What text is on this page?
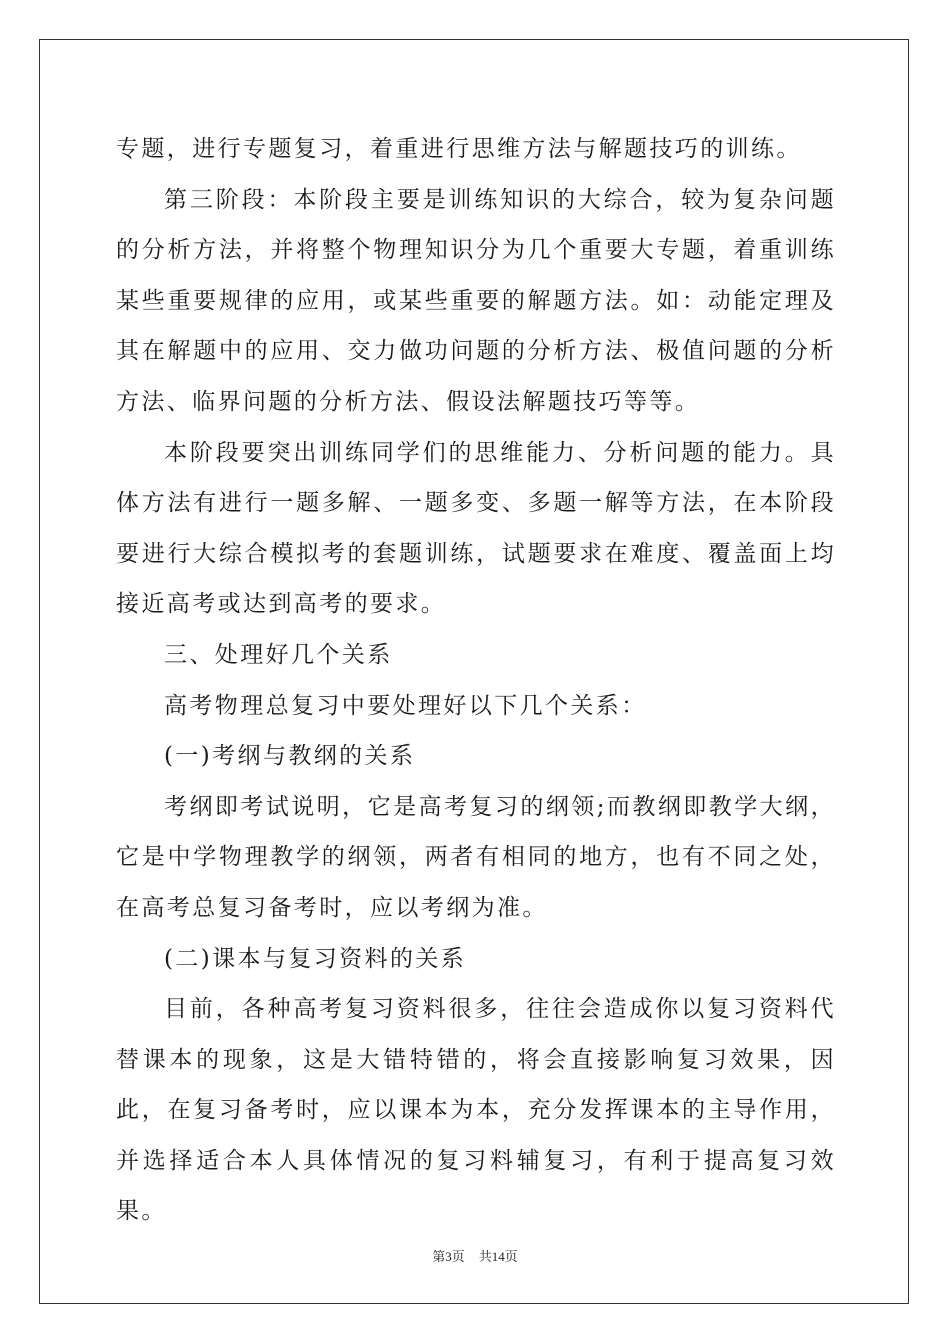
专题，进行专题复习，着重进行思维方法与解题技巧的训练。

第三阶段：本阶段主要是训练知识的大综合，较为复杂问题的分析方法，并将整个物理知识分为几个重要大专题，着重训练某些重要规律的应用，或某些重要的解题方法。如：动能定理及其在解题中的应用、交力做功问题的分析方法、极值问题的分析方法、临界问题的分析方法、假设法解题技巧等等。

本阶段要突出训练同学们的思维能力、分析问题的能力。具体方法有进行一题多解、一题多变、多题一解等方法，在本阶段要进行大综合模拟考的套题训练，试题要求在难度、覆盖面上均接近高考或达到高考的要求。

三、处理好几个关系

高考物理总复习中要处理好以下几个关系：

(一)考纲与教纲的关系

考纲即考试说明，它是高考复习的纲领;而教纲即教学大纲，它是中学物理教学的纲领，两者有相同的地方，也有不同之处，在高考总复习备考时，应以考纲为准。

(二)课本与复习资料的关系

目前，各种高考复习资料很多，往往会造成你以复习资料代替课本的现象，这是大错特错的，将会直接影响复习效果，因此，在复习备考时，应以课本为本，充分发挥课本的主导作用，并选择适合本人具体情况的复习料辅复习，有利于提高复习效果。

第3页 共14页
